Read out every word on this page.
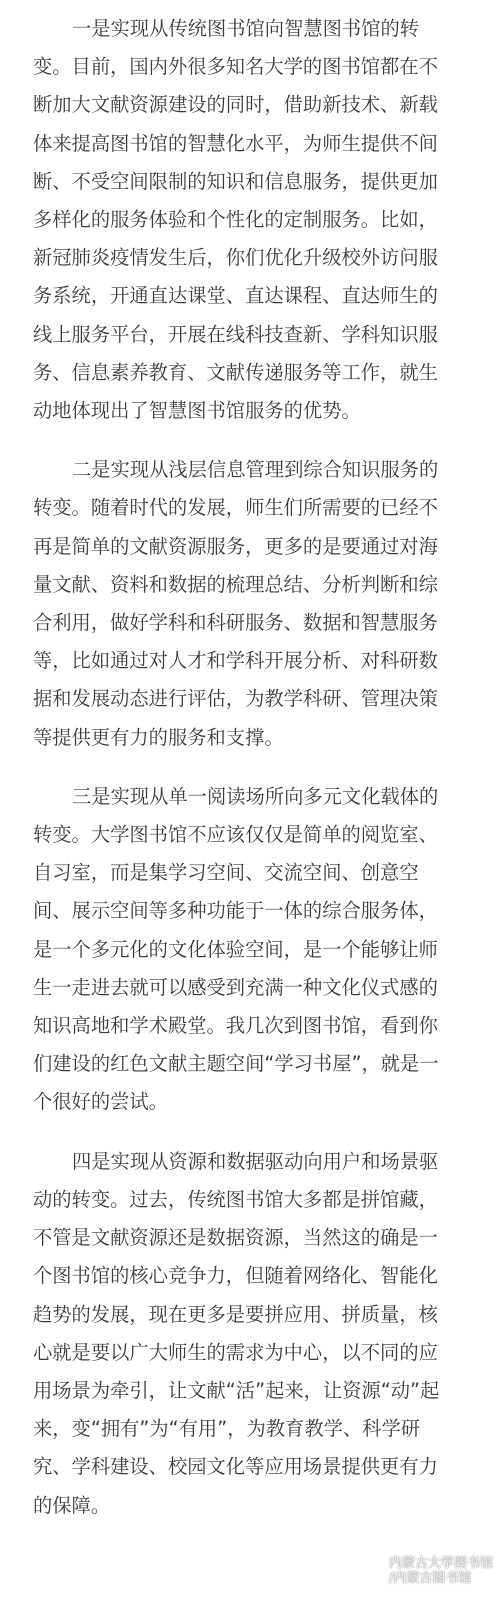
一是实现从传统图书馆向智慧图书馆的转
变。目前，国内外很多知名大学的图书馆都在不
断加大文献资源建设的同时，借助新技术、新载
体来提高图书馆的智慧化水平，为师生提供不间
断、不受空间限制的知识和信息服务，提供更加
多样化的服务体验和个性化的定制服务。比如，
新冠肺炎疫情发生后，你们优化升级校外访问服
务系统，开通直达课堂、直达课程、直达师生的
线上服务平台，开展在线科技查新、学科知识服
务、信息素养教育、文献传递服务等工作，就生
动地体现出了智慧图书馆服务的优势。
二是实现从浅层信息管理到综合知识服务的
转变。随着时代的发展，师生们所需要的已经不
再是简单的文献资源服务，更多的是要通过对海
量文献、资料和数据的梳理总结、分析判断和综
合利用，做好学科和科研服务、数据和智慧服务
等，比如通过对人才和学科开展分析、对科研数
据和发展动态进行评估，为教学科研、管理决策
等提供更有力的服务和支撑。
三是实现从单一阅读场所向多元文化载体的
转变。大学图书馆不应该仅仅是简单的阅览室、
自习室，而是集学习空间、交流空间、创意空
间、展示空间等多种功能于一体的综合服务体，
是一个多元化的文化体验空间，是一个能够让师
生一走进去就可以感受到充满一种文化仪式感的
知识高地和学术殿堂。我几次到图书馆，看到你
们建设的红色文献主题空间“学习书屋”，就是一
个很好的尝试。
四是实现从资源和数据驱动向用户和场景驱
动的转变。过去，传统图书馆大多都是拼馆藏，
不管是文献资源还是数据资源，当然这的确是一
个图书馆的核心竞争力，但随着网络化、智能化
趋势的发展，现在更多是要拼应用、拼质量，核
心就是要以广大师生的需求为中心，以不同的应
用场景为牵引，让文献“活”起来，让资源“动”起
来，变“拥有”为“有用”，为教育教学、科学研
究、学科建设、校园文化等应用场景提供更有力
的保障。
内蒙古大学图书馆
/内蒙古图书馆
